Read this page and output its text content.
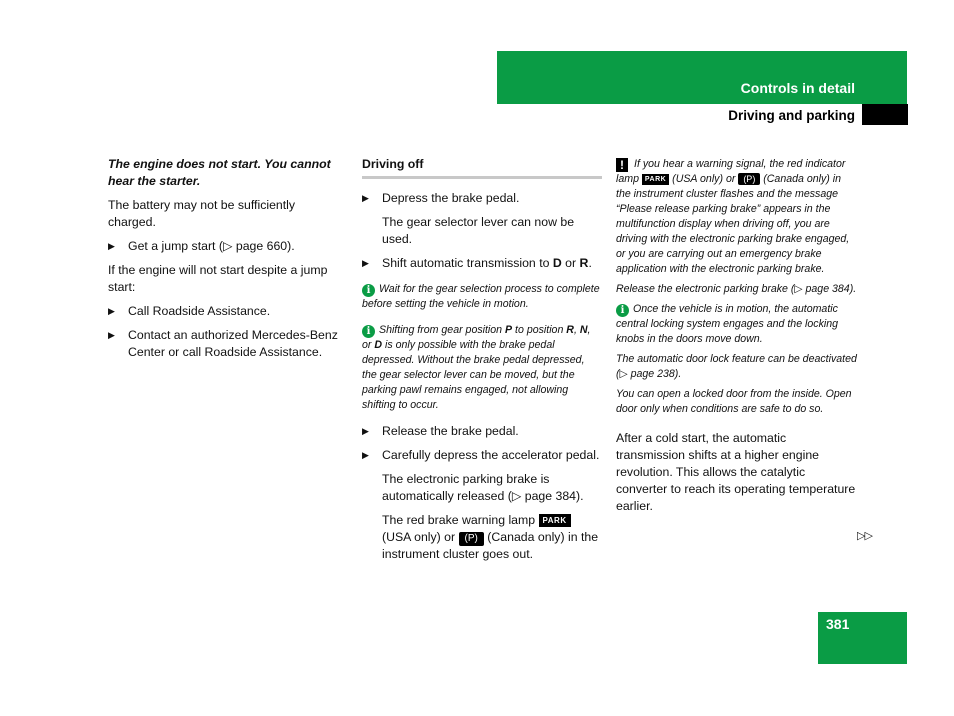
Controls in detail
Driving and parking

The engine does not start. You cannot hear the starter.

The battery may not be sufficiently charged.

▶ Get a jump start (▷ page 660).

If the engine will not start despite a jump start:

▶ Call Roadside Assistance.

▶ Contact an authorized Mercedes-Benz Center or call Roadside Assistance.

Driving off

▶ Depress the brake pedal.

The gear selector lever can now be used.

▶ Shift automatic transmission to D or R.

i Wait for the gear selection process to complete before setting the vehicle in motion.

i Shifting from gear position P to position R, N, or D is only possible with the brake pedal depressed. Without the brake pedal depressed, the gear selector lever can be moved, but the parking pawl remains engaged, not allowing shifting to occur.

▶ Release the brake pedal.

▶ Carefully depress the accelerator pedal.

The electronic parking brake is automatically released (▷ page 384).

The red brake warning lamp PARK
(USA only) or (P) (Canada only) in the instrument cluster goes out.

! If you hear a warning signal, the red indicator lamp PARK (USA only) or (P) (Canada only) in the instrument cluster flashes and the message “Please release parking brake” appears in the multifunction display when driving off, you are driving with the electronic parking brake engaged, or you are carrying out an emergency brake application with the electronic parking brake.

Release the electronic parking brake (▷ page 384).

i Once the vehicle is in motion, the automatic central locking system engages and the locking knobs in the doors move down.

The automatic door lock feature can be deactivated (▷ page 238).

You can open a locked door from the inside. Open door only when conditions are safe to do so.

After a cold start, the automatic transmission shifts at a higher engine revolution. This allows the catalytic converter to reach its operating temperature earlier.

▷▷
381
